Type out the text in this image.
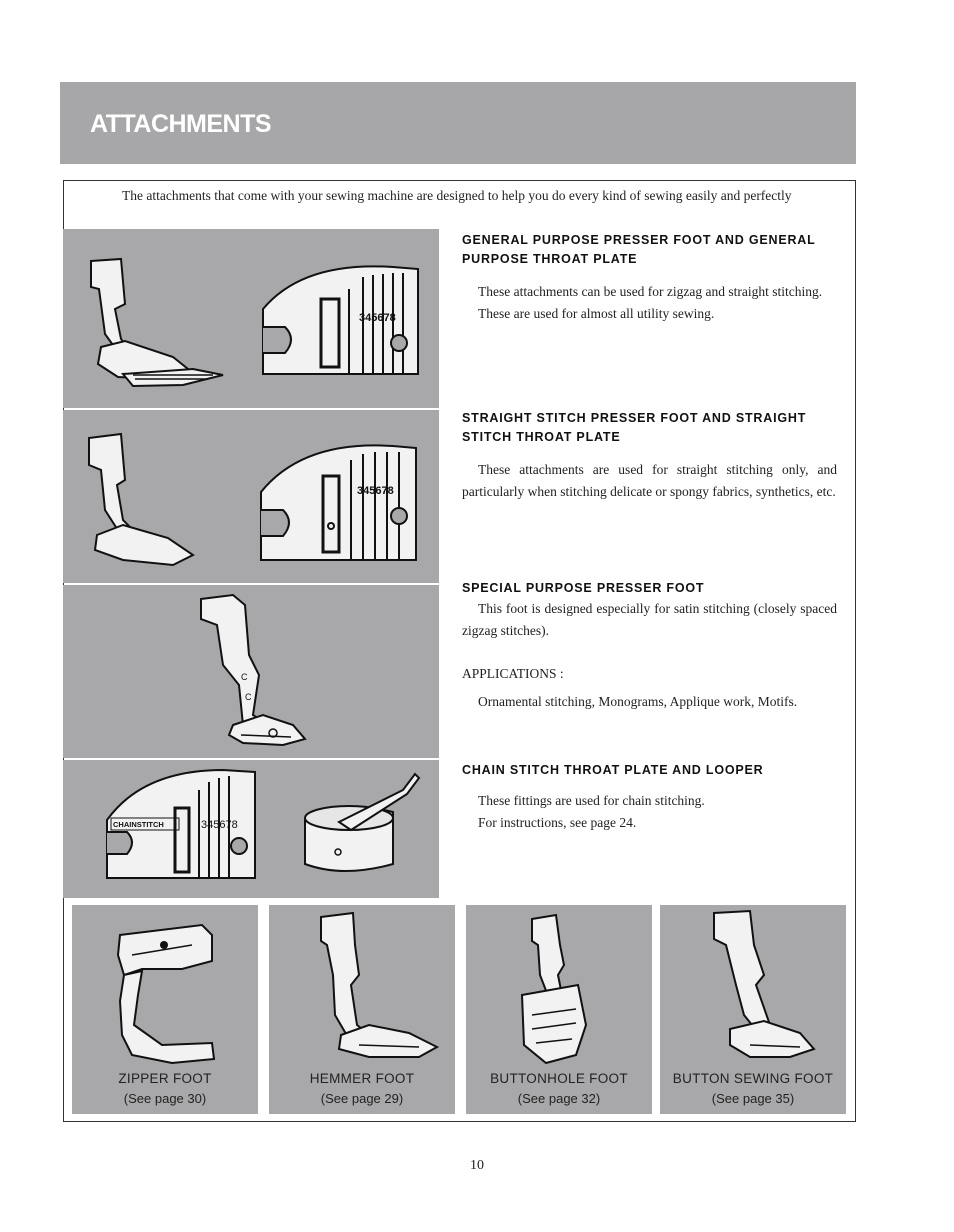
ATTACHMENTS

The attachments that come with your sewing machine are designed to help you do every kind of sewing easily and perfectly

345678
345678
C
C
CHAINSTITCH	345678
GENERAL PURPOSE PRESSER FOOT AND GENERAL PURPOSE THROAT PLATE

These attachments can be used for zigzag and straight stitching.

These are used for almost all utility sewing.

STRAIGHT STITCH PRESSER FOOT AND STRAIGHT STITCH THROAT PLATE

These attachments are used for straight stitching only, and particularly when stitching delicate or spongy fabrics, synthetics, etc.

SPECIAL PURPOSE PRESSER FOOT

This foot is designed especially for satin stitching (closely spaced zigzag stitches).

APPLICATIONS :

Ornamental stitching, Monograms, Applique work, Motifs.

CHAIN STITCH THROAT PLATE AND LOOPER

These fittings are used for chain stitching.

For instructions, see page 24.

ZIPPER FOOT
(See page 30)
HEMMER FOOT
(See page 29)
BUTTONHOLE FOOT
(See page 32)
BUTTON SEWING FOOT
(See page 35)
10
